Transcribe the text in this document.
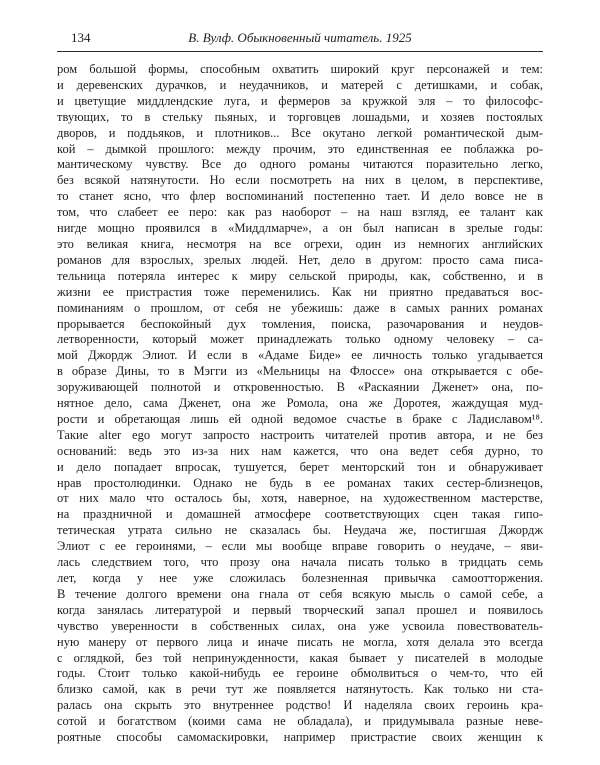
134	В. Вулф. Обыкновенный читатель. 1925
ром большой формы, способным охватить широкий круг персонажей и тем:
и деревенских дурачков, и неудачников, и матерей с детишками, и собак,
и цветущие миддлендские луга, и фермеров за кружкой эля – то философс-
твующих, то в стельку пьяных, и торговцев лошадьми, и хозяев постоялых
дворов, и поддьяков, и плотников... Все окутано легкой романтической дым-
кой – дымкой прошлого: между прочим, это единственная ее поблажка ро-
мантическому чувству. Все до одного романы читаются поразительно легко,
без всякой натянутости. Но если посмотреть на них в целом, в перспективе,
то станет ясно, что флер воспоминаний постепенно тает. И дело вовсе не в
том, что слабеет ее перо: как раз наоборот – на наш взгляд, ее талант как
нигде мощно проявился в «Миддлмарче», а он был написан в зрелые годы:
это великая книга, несмотря на все огрехи, один из немногих английских
романов для взрослых, зрелых людей. Нет, дело в другом: просто сама писа-
тельница потеряла интерес к миру сельской природы, как, собственно, и в
жизни ее пристрастия тоже переменились. Как ни приятно предаваться вос-
поминаниям о прошлом, от себя не убежишь: даже в самых ранних романах
прорывается беспокойный дух томления, поиска, разочарования и неудов-
летворенности, который может принадлежать только одному человеку – са-
мой Джордж Элиот. И если в «Адаме Биде» ее личность только угадывается
в образе Дины, то в Мэгги из «Мельницы на Флоссе» она открывается с обе-
зоруживающей полнотой и откровенностью. В «Раскаянии Дженет» она, по-
нятное дело, сама Дженет, она же Ромола, она же Доротея, жаждущая муд-
рости и обретающая лишь ей одной ведомое счастье в браке с Ладиславом¹⁸.
Такие alter ego могут запросто настроить читателей против автора, и не без
оснований: ведь это из-за них нам кажется, что она ведет себя дурно, то
и дело попадает впросак, тушуется, берет менторский тон и обнаруживает
нрав простолюдинки. Однако не будь в ее романах таких сестер-близнецов,
от них мало что осталось бы, хотя, наверное, на художественном мастерстве,
на праздничной и домашней атмосфере соответствующих сцен такая гипо-
тетическая утрата сильно не сказалась бы. Неудача же, постигшая Джордж
Элиот с ее героинями, – если мы вообще вправе говорить о неудаче, – яви-
лась следствием того, что прозу она начала писать только в тридцать семь
лет, когда у нее уже сложилась болезненная привычка самоотторжения.
В течение долгого времени она гнала от себя всякую мысль о самой себе, а
когда занялась литературой и первый творческий запал прошел и появилось
чувство уверенности в собственных силах, она уже усвоила повествователь-
ную манеру от первого лица и иначе писать не могла, хотя делала это всегда
с оглядкой, без той непринужденности, какая бывает у писателей в молодые
годы. Стоит только какой-нибудь ее героине обмолвиться о чем-то, что ей
близко самой, как в речи тут же появляется натянутость. Как только ни ста-
ралась она скрыть это внутреннее родство! И наделяла своих героинь кра-
сотой и богатством (коими сама не обладала), и придумывала разные неве-
роятные способы самомаскировки, например пристрастие своих женщин к
